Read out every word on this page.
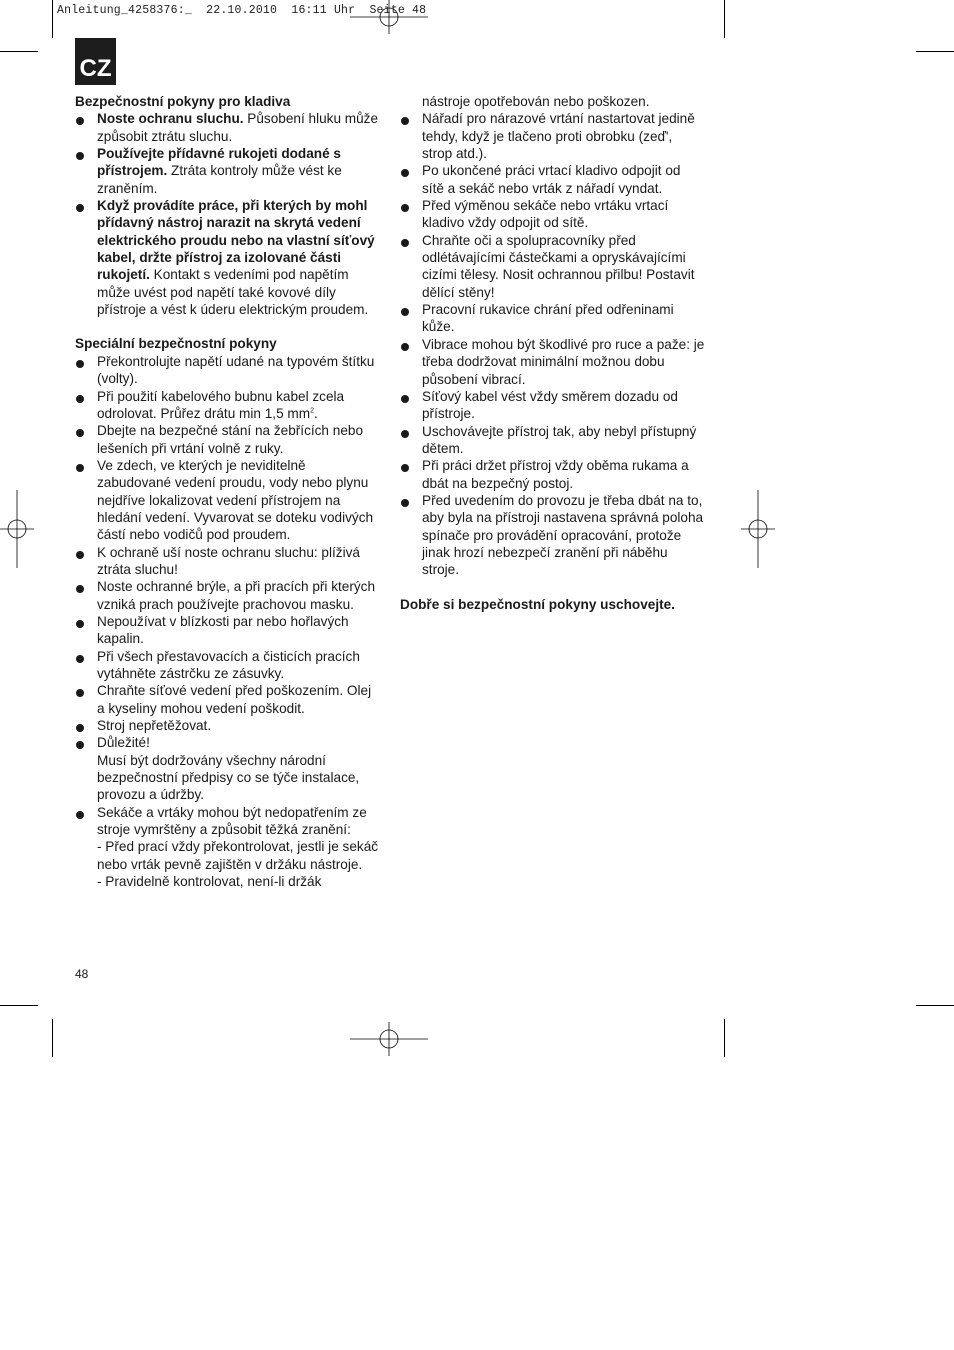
Anleitung_4258376:_  22.10.2010  16:11 Uhr  Seite 48
CZ

Bezpečnostní pokyny pro kladiva

Noste ochranu sluchu. Působení hluku může způsobit ztrátu sluchu.
Používejte přídavné rukojeti dodané s přístrojem. Ztráta kontroly může vést ke zraněním.
Když provádíte práce, při kterých by mohl přídavný nástroj narazit na skrytá vedení elektrického proudu nebo na vlastní síťový kabel, držte přístroj za izolované části rukojetí. Kontakt s vedeními pod napětím může uvést pod napětí také kovové díly přístroje a vést k úderu elektrickým proudem.

Speciální bezpečnostní pokyny

Překontrolujte napětí udané na typovém štítku (volty).
Při použití kabelového bubnu kabel zcela odrolovat. Průřez drátu min 1,5 $mm^2$.
Dbejte na bezpečné stání na žebřících nebo lešeních při vrtání volně z ruky.
Ve zdech, ve kterých je neviditelně zabudované vedení proudu, vody nebo plynu nejdříve lokalizovat vedení přístrojem na hledání vedení. Vyvarovat se doteku vodivých částí nebo vodičů pod proudem.
K ochraně uší noste ochranu sluchu: plíživá ztráta sluchu!
Noste ochranné brýle, a při pracích při kterých vzniká prach používejte prachovou masku.
Nepoužívat v blízkosti par nebo hořlavých kapalin.
Při všech přestavovacích a čisticích pracích vytáhněte zástrčku ze zásuvky.
Chraňte síťové vedení před poškozením. Olej a kyseliny mohou vedení poškodit.
Stroj nepřetěžovat.
Důležité!
Musí být dodržovány všechny národní bezpečnostní předpisy co se týče instalace, provozu a údržby.
Sekáče a vrtáky mohou být nedopatřením ze stroje vymrštěny a způsobit těžká zranění:
- Před prací vždy překontrolovat, jestli je sekáč nebo vrták pevně zajištěn v držáku nástroje.
- Pravidelně kontrolovat, není-li držák
nástroje opotřebován nebo poškozen.
Nářadí pro nárazové vrtání nastartovat jedině tehdy, když je tlačeno proti obrobku (zeď', strop atd.).
Po ukončené práci vrtací kladivo odpojit od sítě a sekáč nebo vrták z nářadí vyndat.
Před výměnou sekáče nebo vrtáku vrtací kladivo vždy odpojit od sítě.
Chraňte oči a spolupracovníky před odlétávajícími částečkami a opryskávajícími cizími tělesy. Nosit ochrannou přilbu! Postavit dělící stěny!
Pracovní rukavice chrání před odřeninami kůže.
Vibrace mohou být škodlivé pro ruce a paže: je třeba dodržovat minimální možnou dobu působení vibrací.
Síťový kabel vést vždy směrem dozadu od přístroje.
Uschovávejte přístroj tak, aby nebyl přístupný dětem.
Při práci držet přístroj vždy oběma rukama a dbát na bezpečný postoj.
Před uvedením do provozu je třeba dbát na to, aby byla na přístroji nastavena správná poloha spínače pro provádění opracování, protože jinak hrozí nebezpečí zranění při náběhu stroje.

Dobře si bezpečnostní pokyny uschovejte.

48
